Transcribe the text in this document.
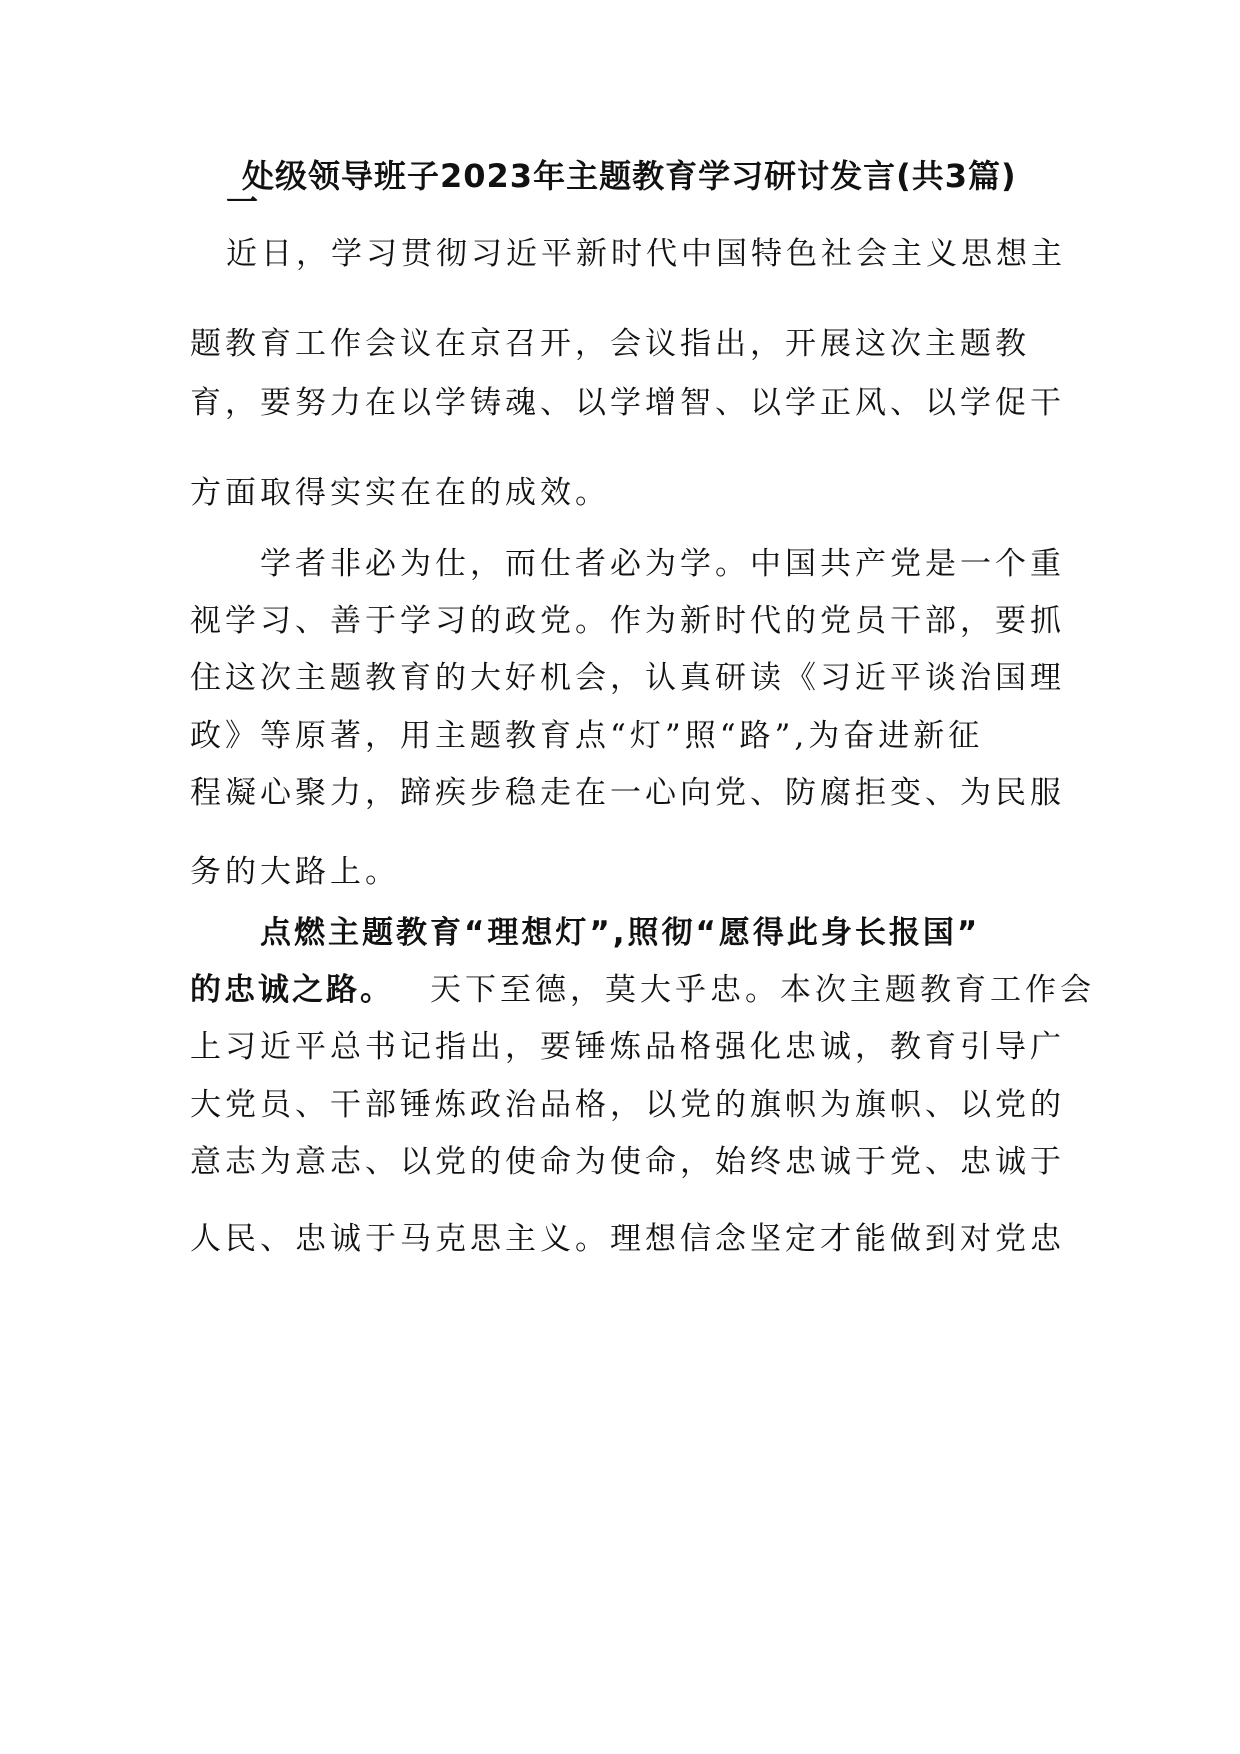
处级领导班子2023年主题教育学习研讨发言(共3篇)
一
近日，学习贯彻习近平新时代中国特色社会主义思想主
题教育工作会议在京召开，会议指出，开展这次主题教
育，要努力在以学铸魂、以学增智、以学正风、以学促干
方面取得实实在在的成效。
学者非必为仕，而仕者必为学。中国共产党是一个重
视学习、善于学习的政党。作为新时代的党员干部，要抓
住这次主题教育的大好机会，认真研读《习近平谈治国理
政》等原著，用主题教育点“灯”照“路”,为奋进新征
程凝心聚力，蹄疾步稳走在一心向党、防腐拒变、为民服
务的大路上。
点燃主题教育“理想灯”,照彻“愿得此身长报国”
的忠诚之路。 天下至德，莫大乎忠。本次主题教育工作会
上习近平总书记指出，要锤炼品格强化忠诚，教育引导广
大党员、干部锤炼政治品格，以党的旗帜为旗帜、以党的
意志为意志、以党的使命为使命，始终忠诚于党、忠诚于
人民、忠诚于马克思主义。理想信念坚定才能做到对党忠
